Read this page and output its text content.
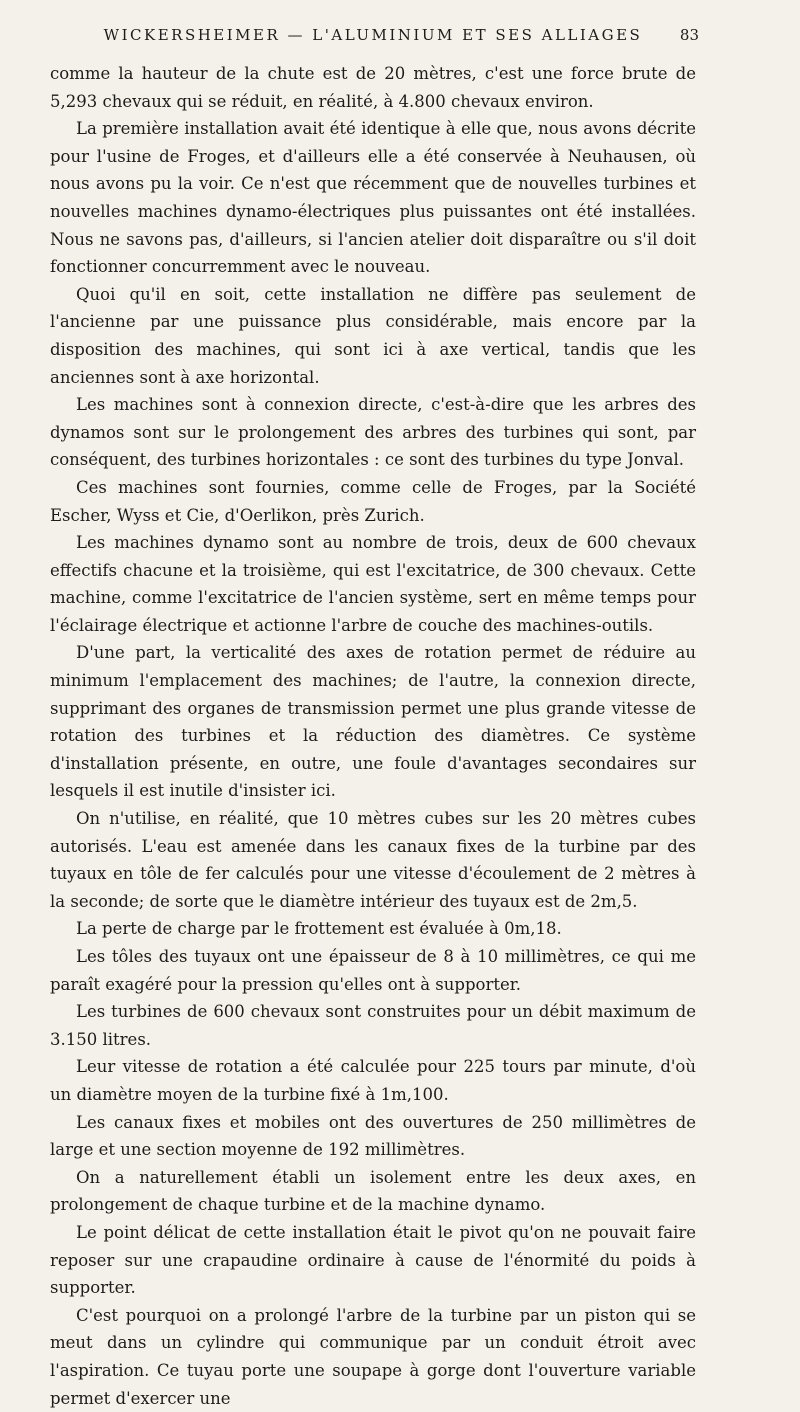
WICKERSHEIMER — L'ALUMINIUM ET SES ALLIAGES	83

comme la hauteur de la chute est de 20 mètres, c'est une force brute de 5,293 chevaux qui se réduit, en réalité, à 4.800 chevaux environ.

La première installation avait été identique à elle que, nous avons décrite pour l'usine de Froges, et d'ailleurs elle a été conservée à Neuhausen, où nous avons pu la voir. Ce n'est que récemment que de nouvelles turbines et nouvelles machines dynamo-électriques plus puissantes ont été installées. Nous ne savons pas, d'ailleurs, si l'ancien atelier doit disparaître ou s'il doit fonctionner concurremment avec le nouveau.

Quoi qu'il en soit, cette installation ne diffère pas seulement de l'ancienne par une puissance plus considérable, mais encore par la disposition des machines, qui sont ici à axe vertical, tandis que les anciennes sont à axe horizontal.

Les machines sont à connexion directe, c'est-à-dire que les arbres des dynamos sont sur le prolongement des arbres des turbines qui sont, par conséquent, des turbines horizontales : ce sont des turbines du type Jonval.

Ces machines sont fournies, comme celle de Froges, par la Société Escher, Wyss et Cie, d'Oerlikon, près Zurich.

Les machines dynamo sont au nombre de trois, deux de 600 chevaux effectifs chacune et la troisième, qui est l'excitatrice, de 300 chevaux. Cette machine, comme l'excitatrice de l'ancien système, sert en même temps pour l'éclairage électrique et actionne l'arbre de couche des machines-outils.

D'une part, la verticalité des axes de rotation permet de réduire au minimum l'emplacement des machines; de l'autre, la connexion directe, supprimant des organes de transmission permet une plus grande vitesse de rotation des turbines et la réduction des diamètres. Ce système d'installation présente, en outre, une foule d'avantages secondaires sur lesquels il est inutile d'insister ici.

On n'utilise, en réalité, que 10 mètres cubes sur les 20 mètres cubes autorisés. L'eau est amenée dans les canaux fixes de la turbine par des tuyaux en tôle de fer calculés pour une vitesse d'écoulement de 2 mètres à la seconde; de sorte que le diamètre intérieur des tuyaux est de 2m,5.

La perte de charge par le frottement est évaluée à 0m,18.

Les tôles des tuyaux ont une épaisseur de 8 à 10 millimètres, ce qui me paraît exagéré pour la pression qu'elles ont à supporter.

Les turbines de 600 chevaux sont construites pour un débit maximum de 3.150 litres.

Leur vitesse de rotation a été calculée pour 225 tours par minute, d'où un diamètre moyen de la turbine fixé à 1m,100.

Les canaux fixes et mobiles ont des ouvertures de 250 millimètres de large et une section moyenne de 192 millimètres.

On a naturellement établi un isolement entre les deux axes, en prolongement de chaque turbine et de la machine dynamo.

Le point délicat de cette installation était le pivot qu'on ne pouvait faire reposer sur une crapaudine ordinaire à cause de l'énormité du poids à supporter.

C'est pourquoi on a prolongé l'arbre de la turbine par un piston qui se meut dans un cylindre qui communique par un conduit étroit avec l'aspiration. Ce tuyau porte une soupape à gorge dont l'ouverture variable permet d'exercer une
